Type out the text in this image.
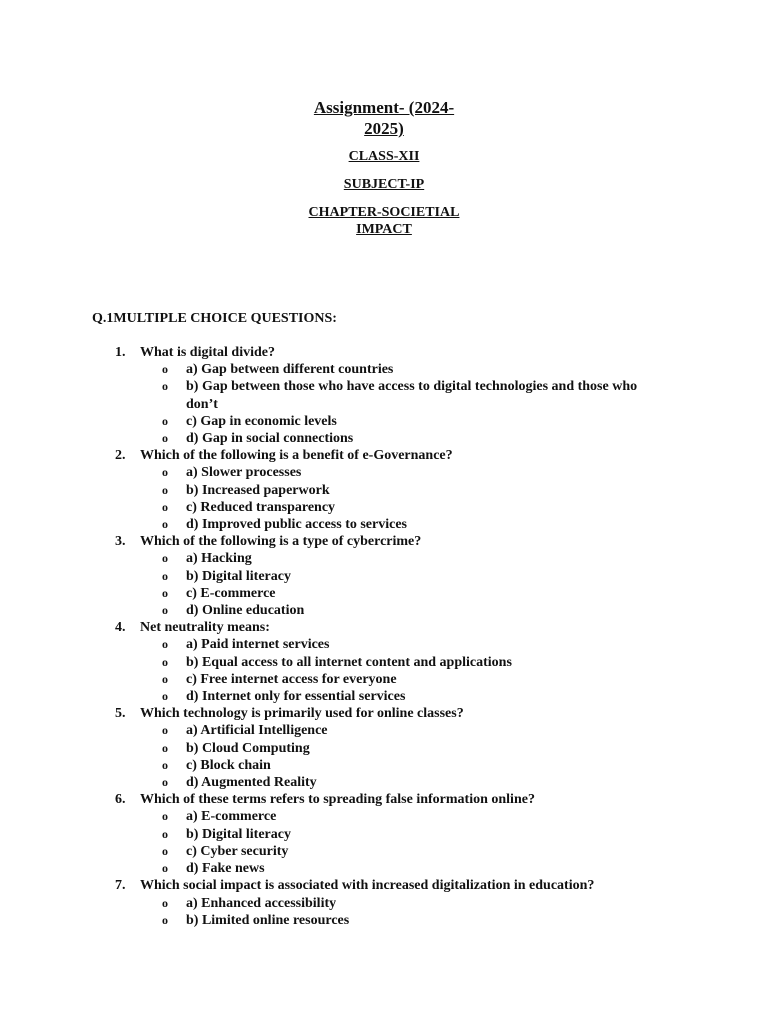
Assignment- (2024-2025)
CLASS-XII
SUBJECT-IP
CHAPTER-SOCIETIAL IMPACT
Q.1MULTIPLE CHOICE QUESTIONS:
1. What is digital divide?
o a) Gap between different countries
o b) Gap between those who have access to digital technologies and those who don’t
o c) Gap in economic levels
o d) Gap in social connections
2. Which of the following is a benefit of e-Governance?
o a) Slower processes
o b) Increased paperwork
o c) Reduced transparency
o d) Improved public access to services
3. Which of the following is a type of cybercrime?
o a) Hacking
o b) Digital literacy
o c) E-commerce
o d) Online education
4. Net neutrality means:
o a) Paid internet services
o b) Equal access to all internet content and applications
o c) Free internet access for everyone
o d) Internet only for essential services
5. Which technology is primarily used for online classes?
o a) Artificial Intelligence
o b) Cloud Computing
o c) Block chain
o d) Augmented Reality
6. Which of these terms refers to spreading false information online?
o a) E-commerce
o b) Digital literacy
o c) Cyber security
o d) Fake news
7. Which social impact is associated with increased digitalization in education?
o a) Enhanced accessibility
o b) Limited online resources
